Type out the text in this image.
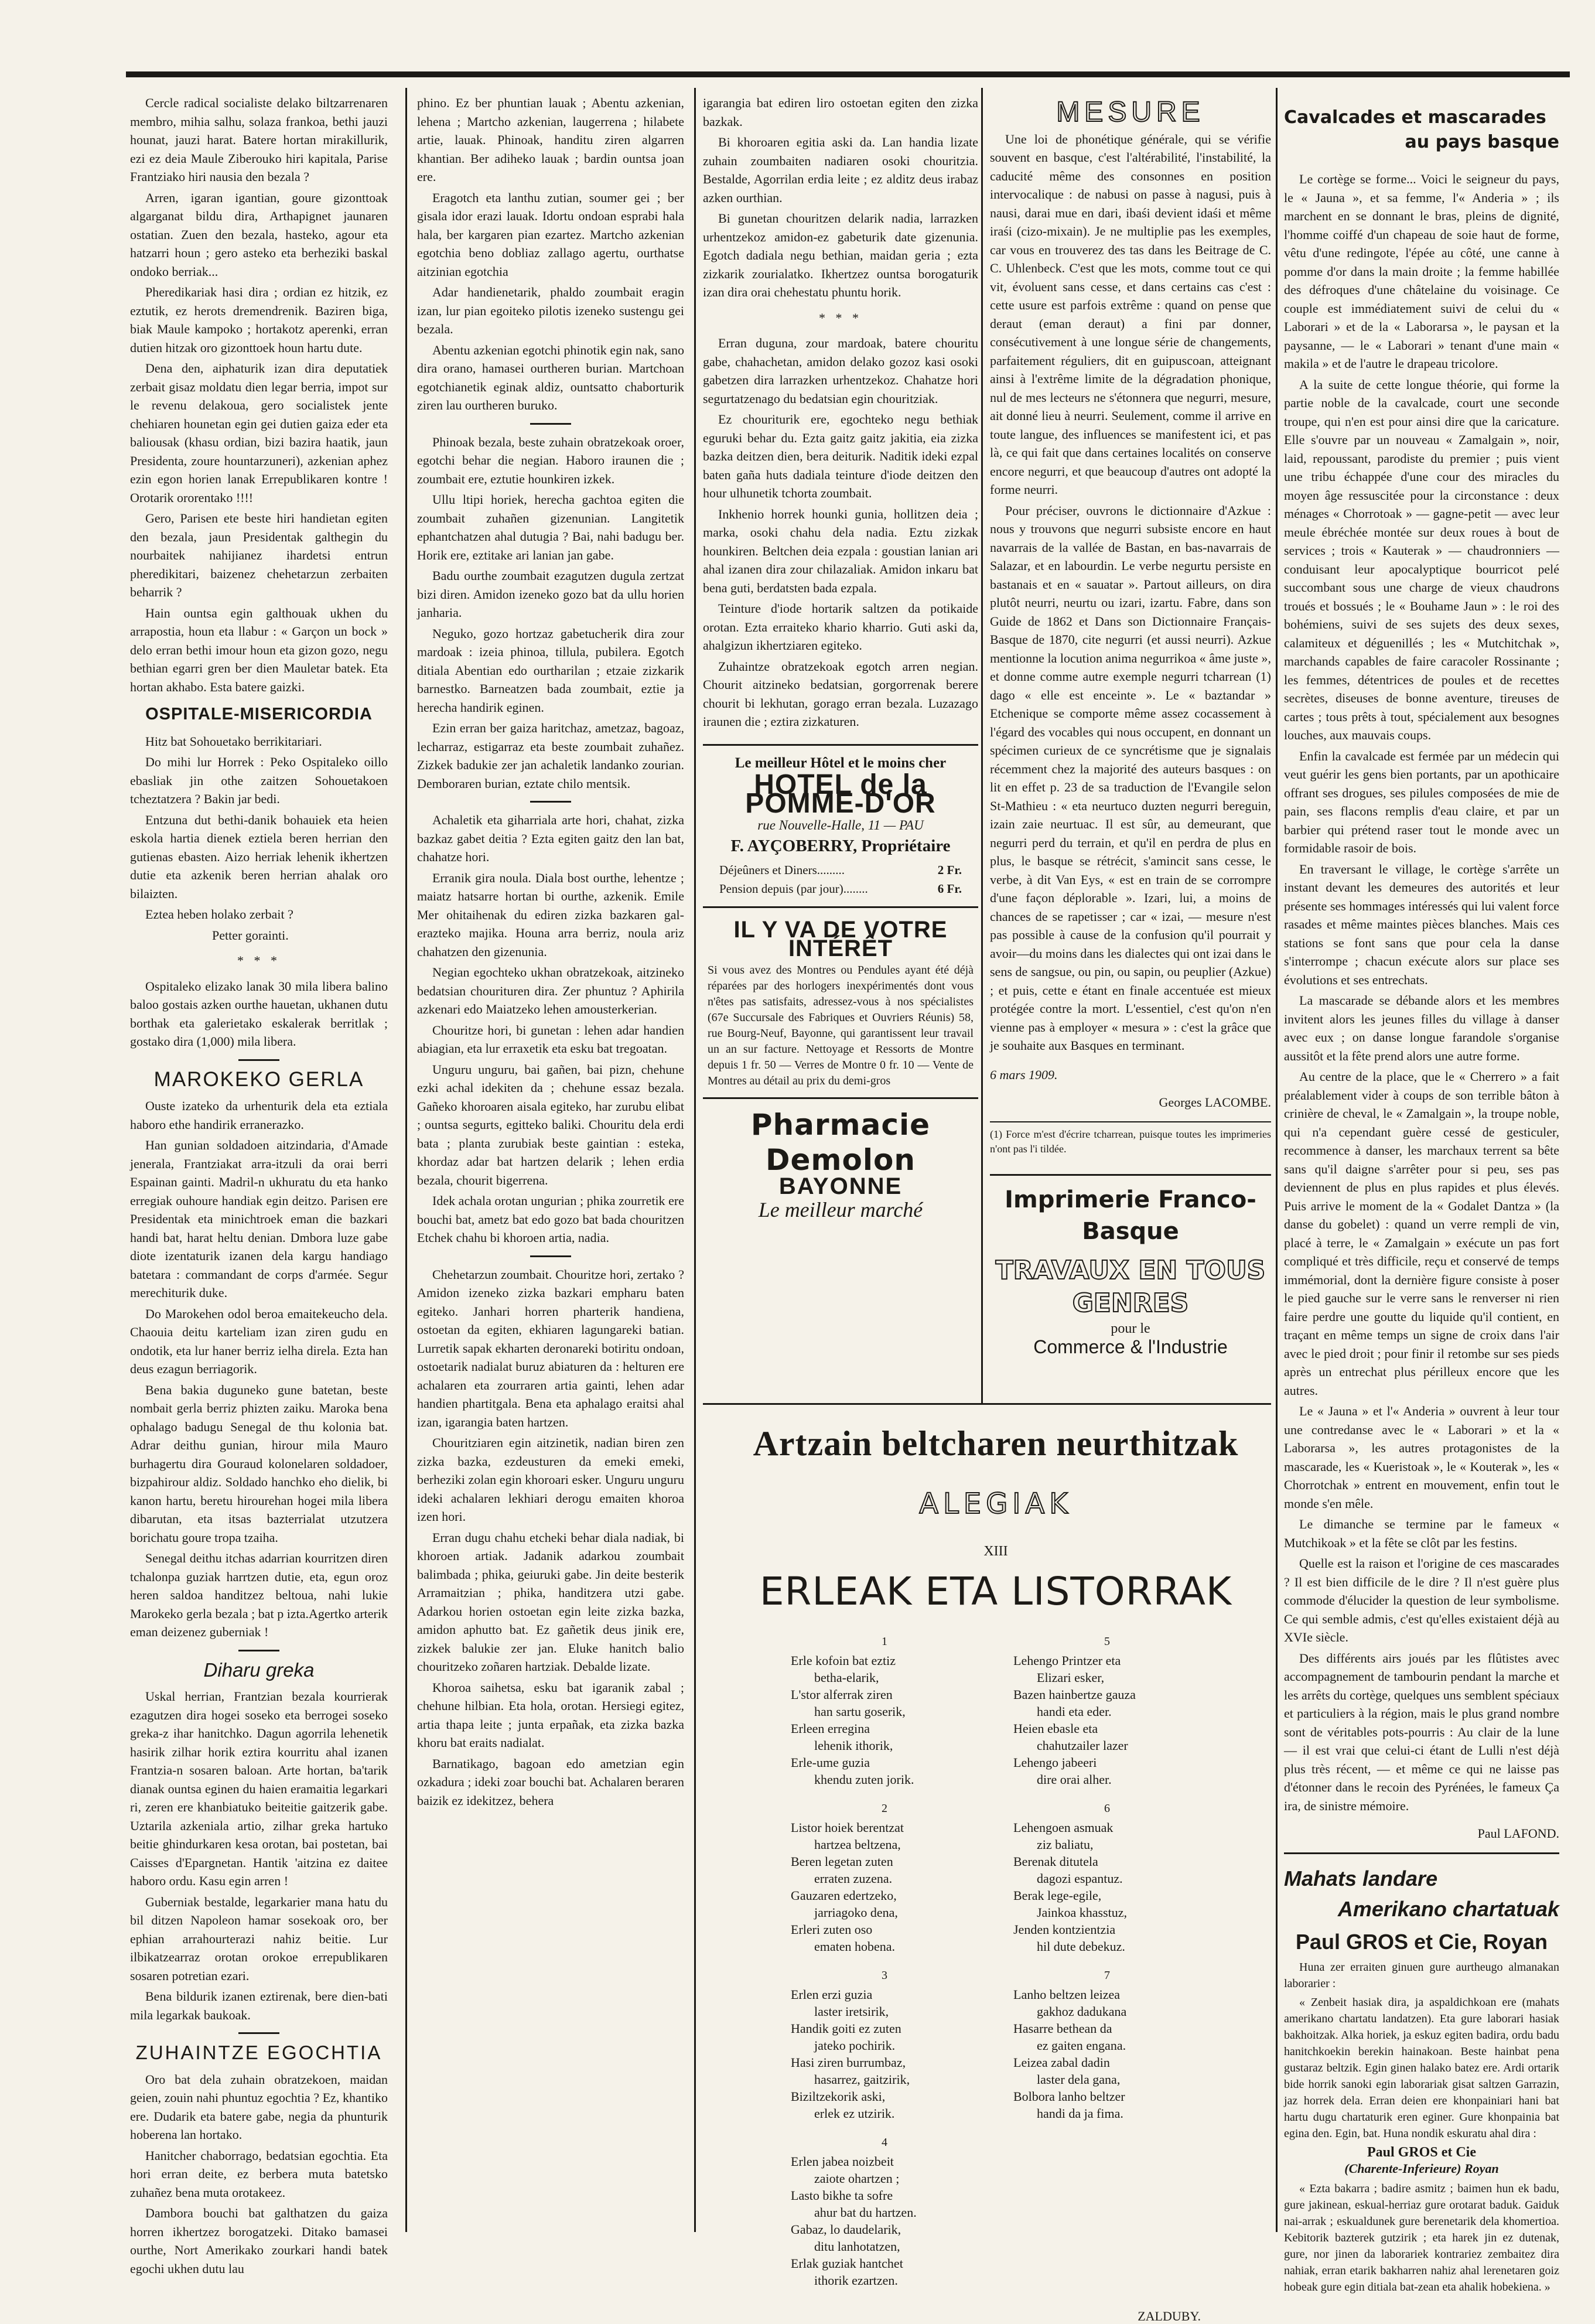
Cercle radical socialiste delako biltzarrenaren membro, mihia salhu, solaza frankoa, bethi jauzi hounat, jauzi harat. Batere hortan mirakillurik, ezi ez deia Maule Ziberouko hiri kapitala, Parise Frantziako hiri nausia den bezala ?

Arren, igaran igantian, goure gizonttoak algarganat bildu dira, Arthapignet jaunaren ostatian. Zuen den bezala, hasteko, agour eta hatzarri houn ; gero asteko eta berheziki baskal ondoko berriak...

Pheredikariak hasi dira ; ordian ez hitzik, ez eztutik, ez herots dremendrenik. Baziren biga, biak Maule kampoko ; hortakotz aperenki, erran dutien hitzak oro gizonttoek houn hartu dute.

Dena den, aiphaturik izan dira deputatiek zerbait gisaz moldatu dien legar berria, impot sur le revenu delakoua, gero socialistek jente chehiaren hounetan egin gei dutien gaiza eder eta baliousak (khasu ordian, bizi bazira haatik, jaun Presidenta, zoure hountarzuneri), azkenian aphez ezin egon horien lanak Errepublikaren kontre ! Orotarik ororentako !!!!

Gero, Parisen ete beste hiri handietan egiten den bezala, jaun Presidentak galthegin du nourbaitek nahijianez ihardetsi entrun pheredikitari, baizenez chehetarzun zerbaiten beharrik ?

Hain ountsa egin galthouak ukhen du arrapostia, houn eta llabur : « Garçon un bock » delo erran bethi imour houn eta gizon gozo, negu bethian egarri gren ber dien Mauletar batek. Eta hortan akhabo. Esta batere gaizki.

OSPITALE-MISERICORDIA

Hitz bat Sohouetako berrikitariari.

Do mihi lur Horrek : Peko Ospitaleko oillo ebasliak jin othe zaitzen Sohouetakoen tcheztatzera ? Bakin jar bedi.

Entzuna dut bethi-danik bohauiek eta heien eskola hartia dienek eztiela beren herrian den gutienas ebasten. Aizo herriak lehenik ikhertzen dutie eta azkenik beren herrian ahalak oro bilaizten.

Eztea heben holako zerbait ?

Petter gorainti.

* * *

Ospitaleko elizako lanak 30 mila libera balino baloo gostais azken ourthe hauetan, ukhanen dutu borthak eta galerietako eskalerak berritlak ; gostako dira (1,000) mila libera.

MAROKEKO GERLA

Ouste izateko da urhenturik dela eta eztiala haboro ethe handirik erranerazko.

Han gunian soldadoen aitzindaria, d'Amade jenerala, Frantziakat arra-itzuli da orai berri Espainan gainti. Madril-n ukhuratu du eta hanko erregiak ouhoure handiak egin deitzo. Parisen ere Presidentak eta minichtroek eman die bazkari handi bat, harat heltu denian. Dmbora luze gabe diote izentaturik izanen dela kargu handiago batetara : commandant de corps d'armée. Segur merechiturik duke.

Do Marokehen odol beroa emaitekeucho dela. Chaouia deitu karteliam izan ziren gudu en ondotik, eta lur haner berriz ielha direla. Ezta han deus ezagun berriagorik.

Bena bakia duguneko gune batetan, beste nombait gerla berriz phizten zaiku. Maroka bena ophalago badugu Senegal de thu kolonia bat. Adrar deithu gunian, hirour mila Mauro burhagertu dira Gouraud kolonelaren soldadoer, bizpahirour aldiz. Soldado hanchko eho dielik, bi kanon hartu, beretu hirourehan hogei mila libera dibarutan, eta itsas bazterrialat utzutzera borichatu goure tropa tzaiha.

Senegal deithu itchas adarrian kourritzen diren tchalonpa guziak harrtzen dutie, eta, egun oroz heren saldoa handitzez beltoua, nahi lukie Marokeko gerla bezala ; bat p izta.Agertko arterik eman deizenez guberniak !

Diharu greka

Uskal herrian, Frantzian bezala kourrierak ezagutzen dira hogei soseko eta berrogei soseko greka-z ihar hanitchko. Dagun agorrila lehenetik hasirik zilhar horik eztira kourritu ahal izanen Frantzia-n sosaren baloan. Arte hortan, ba'tarik dianak ountsa eginen du haien eramaitia legarkari ri, zeren ere khanbiatuko beiteitie gaitzerik gabe. Uztarila azkeniala artio, zilhar greka hartuko beitie ghindurkaren kesa orotan, bai postetan, bai Caisses d'Epargnetan. Hantik 'aitzina ez daitee haboro ordu. Kasu egin arren !

Guberniak bestalde, legarkarier mana hatu du bil ditzen Napoleon hamar sosekoak oro, ber ephian arrahourterazi nahiz beitie. Lur ilbikatzearraz orotan orokoe errepublikaren sosaren potretian ezari.

Bena bildurik izanen eztirenak, bere dien-bati mila legarkak baukoak.

ZUHAINTZE EGOCHTIA

Oro bat dela zuhain obratzekoen, maidan geien, zouin nahi phuntuz egochtia ? Ez, khantiko ere. Dudarik eta batere gabe, negia da phunturik hoberena lan hortako.

Hanitcher chaborrago, bedatsian egochtia. Eta hori erran deite, ez berbera muta batetsko zuhañez bena muta orotakeez.

Dambora bouchi bat galthatzen du gaiza horren ikhertzez borogatzeki. Ditako bamasei ourthe, Nort Amerikako zourkari handi batek egochi ukhen dutu lau

phino. Ez ber phuntian lauak ; Abentu azkenian, lehena ; Martcho azkenian, laugerrena ; hilabete artie, lauak. Phinoak, handitu ziren algarren khantian. Ber adiheko lauak ; bardin ountsa joan ere.

Eragotch eta lanthu zutian, soumer gei ; ber gisala idor erazi lauak. Idortu ondoan esprabi hala hala, ber kargaren pian ezartez. Martcho azkenian egotchia beno dobliaz zallago agertu, ourthatse aitzinian egotchia

Adar handienetarik, phaldo zoumbait eragin izan, lur pian egoiteko pilotis izeneko sustengu gei bezala.

Abentu azkenian egotchi phinotik egin nak, sano dira orano, hamasei ourtheren burian. Martchoan egotchianetik eginak aldiz, ountsatto chaborturik ziren lau ourtheren buruko.

Phinoak bezala, beste zuhain obratzekoak oroer, egotchi behar die negian. Haboro iraunen die ; zoumbait ere, eztutie hounkiren izkek.

Ullu ltipi horiek, herecha gachtoa egiten die zoumbait zuhañen gizenunian. Langitetik ephantchatzen ahal dutugia ? Bai, nahi badugu ber. Horik ere, eztitake ari lanian jan gabe.

Badu ourthe zoumbait ezagutzen dugula zertzat bizi diren. Amidon izeneko gozo bat da ullu horien janharia.

Neguko, gozo hortzaz gabetucherik dira zour mardoak : izeia phinoa, tillula, pubilera. Egotch ditiala Abentian edo ourtharilan ; etzaie zizkarik barnestko. Barneatzen bada zoumbait, eztie ja herecha handirik eginen.

Ezin erran ber gaiza haritchaz, ametzaz, bagoaz, lecharraz, estigarraz eta beste zoumbait zuhañez. Zizkek badukie zer jan achaletik landanko zourian. Demboraren burian, eztate chilo mentsik.

Achaletik eta giharriala arte hori, chahat, zizka bazkaz gabet deitia ? Ezta egiten gaitz den lan bat, chahatze hori.

Erranik gira noula. Diala bost ourthe, lehentze ; maiatz hatsarre hortan bi ourthe, azkenik. Emile Mer ohitaihenak du ediren zizka bazkaren gal-erazteko majika. Houna arra berriz, noula ariz chahatzen den gizenunia.

Negian egochteko ukhan obratzekoak, aitzineko bedatsian chourituren dira. Zer phuntuz ? Aphirila azkenari edo Maiatzeko lehen amousterkerian.

Chouritze hori, bi gunetan : lehen adar handien abiagian, eta lur erraxetik eta esku bat tregoatan.

Unguru unguru, bai gañen, bai pizn, chehune ezki achal idekiten da ; chehune essaz bezala. Gañeko khoroaren aisala egiteko, har zurubu elibat ; ountsa segurts, egitteko baliki. Chouritu dela erdi bata ; planta zurubiak beste gaintian : esteka, khordaz adar bat hartzen delarik ; lehen erdia bezala, chourit bigerrena.

Idek achala orotan ungurian ; phika zourretik ere bouchi bat, ametz bat edo gozo bat bada chouritzen Etchek chahu bi khoroen artia, nadia.

Chehetarzun zoumbait. Chouritze hori, zertako ? Amidon izeneko zizka bazkari empharu baten egiteko. Janhari horren pharterik handiena, ostoetan da egiten, ekhiaren lagungareki batian. Lurretik sapak ekharten deronareki botiritu ondoan, ostoetarik nadialat buruz abiaturen da : helturen ere achalaren eta zourraren artia gainti, lehen adar handien phartitgala. Bena eta aphalago eraitsi ahal izan, igarangia baten hartzen.

Chouritziaren egin aitzinetik, nadian biren zen zizka bazka, ezdeusturen da emeki emeki, berheziki zolan egin khoroari esker. Unguru unguru ideki achalaren lekhiari derogu emaiten khoroa izen hori.

Erran dugu chahu etcheki behar diala nadiak, bi khoroen artiak. Jadanik adarkou zoumbait balimbada ; phika, geiuruki gabe. Jin deite besterik Arramaitzian ; phika, handitzera utzi gabe. Adarkou horien ostoetan egin leite zizka bazka, amidon aphutto bat. Ez gañetik deus jinik ere, zizkek balukie zer jan. Eluke hanitch balio chouritzeko zoñaren hartziak. Debalde lizate.

Khoroa saihetsa, esku bat igaranik zabal ; chehune hilbian. Eta hola, orotan. Hersiegi egitez, artia thapa leite ; junta erpañak, eta zizka bazka khoru bat eraits nadialat.

Barnatikago, bagoan edo ametzian egin ozkadura ; ideki zoar bouchi bat. Achalaren beraren baizik ez idekitzez, behera

igarangia bat ediren liro ostoetan egiten den zizka bazkak.

Bi khoroaren egitia aski da. Lan handia lizate zuhain zoumbaiten nadiaren osoki chouritzia. Bestalde, Agorrilan erdia leite ; ez alditz deus irabaz azken ourthian.

Bi gunetan chouritzen delarik nadia, larrazken urhentzekoz amidon-ez gabeturik date gizenunia. Egotch dadiala negu bethian, maidan geria ; ezta zizkarik zourialatko. Ikhertzez ountsa borogaturik izan dira orai chehestatu phuntu horik.

* * *

Erran duguna, zour mardoak, batere chouritu gabe, chahachetan, amidon delako gozoz kasi osoki gabetzen dira larrazken urhentzekoz. Chahatze hori segurtatzenago du bedatsian egin chouritziak.

Ez chouriturik ere, egochteko negu bethiak eguruki behar du. Ezta gaitz gaitz jakitia, eia zizka bazka deitzen dien, bera deiturik. Naditik ideki ezpal baten gaña huts dadiala teinture d'iode deitzen den hour ulhunetik tchorta zoumbait.

Inkhenio horrek hounki gunia, hollitzen deia ; marka, osoki chahu dela nadia. Eztu zizkak hounkiren. Beltchen deia ezpala : goustian lanian ari ahal izanen dira zour chilazaliak. Amidon inkaru bat bena guti, berdatsten bada ezpala.

Teinture d'iode hortarik saltzen da potikaide orotan. Ezta erraiteko khario kharrio. Guti aski da, ahalgizun ikhertziaren egiteko.

Zuhaintze obratzekoak egotch arren negian. Chourit aitzineko bedatsian, gorgorrenak berere chourit bi lekhutan, gorago erran bezala. Luzazago iraunen die ; eztira zizkaturen.

Le meilleur Hôtel et le moins cher
HOTEL de la POMME-D'OR
rue Nouvelle-Halle, 11 — PAU
F. AYÇOBERRY, Propriétaire
Déjeûners et Diners.........	2 Fr.
Pension depuis (par jour)........	6 Fr.
IL Y VA DE VOTRE INTÉRÊT
Si vous avez des Montres ou Pendules ayant été déjà réparées par des horlogers inexpérimentés dont vous n'êtes pas satisfaits, adressez-vous à nos spécialistes (67e Succursale des Fabriques et Ouvriers Réunis) 58, rue Bourg-Neuf, Bayonne, qui garantissent leur travail un an sur facture. Nettoyage et Ressorts de Montre depuis 1 fr. 50 — Verres de Montre 0 fr. 10 — Vente de Montres au détail au prix du demi-gros
Pharmacie Demolon
BAYONNE
Le meilleur marché
MESURE

Une loi de phonétique générale, qui se vérifie souvent en basque, c'est l'altérabilité, l'instabilité, la caducité même des consonnes en position intervocalique : de nabusi on passe à nagusi, puis à nausi, darai mue en dari, ibaśi devient idaśi et même iraśi (cizo-mixain). Je ne multiplie pas les exemples, car vous en trouverez des tas dans les Beitrage de C. C. Uhlenbeck. C'est que les mots, comme tout ce qui vit, évoluent sans cesse, et dans certains cas c'est : cette usure est parfois extrême : quand on pense que deraut (eman deraut) a fini par donner, consécutivement à une longue série de changements, parfaitement réguliers, dit en guipuscoan, atteignant ainsi à l'extrême limite de la dégradation phonique, nul de mes lecteurs ne s'étonnera que negurri, mesure, ait donné lieu à neurri. Seulement, comme il arrive en toute langue, des influences se manifestent ici, et pas là, ce qui fait que dans certaines localités on conserve encore negurri, et que beaucoup d'autres ont adopté la forme neurri.

Pour préciser, ouvrons le dictionnaire d'Azkue : nous y trouvons que negurri subsiste encore en haut navarrais de la vallée de Bastan, en bas-navarrais de Salazar, et en labourdin. Le verbe negurtu persiste en bastanais et en « sauatar ». Partout ailleurs, on dira plutôt neurri, neurtu ou izari, izartu. Fabre, dans son Guide de 1862 et Dans son Dictionnaire Français-Basque de 1870, cite negurri (et aussi neurri). Azkue mentionne la locution anima negurrikoa « âme juste », et donne comme autre exemple negurri tcharrean (1) dago « elle est enceinte ». Le « baztandar » Etchenique se comporte même assez cocassement à l'égard des vocables qui nous occupent, en donnant un spécimen curieux de ce syncrétisme que je signalais récemment chez la majorité des auteurs basques : on lit en effet p. 23 de sa traduction de l'Evangile selon St-Mathieu : « eta neurtuco duzten negurri bereguin, izain zaie neurtuac. Il est sûr, au demeurant, que negurri perd du terrain, et qu'il en perdra de plus en plus, le basque se rétrécit, s'amincit sans cesse, le verbe, à dit Van Eys, « est en train de se corrompre d'une façon déplorable ». Izari, lui, a moins de chances de se rapetisser ; car « izai, — mesure n'est pas possible à cause de la confusion qu'il pourrait y avoir—du moins dans les dialectes qui ont izai dans le sens de sangsue, ou pin, ou sapin, ou peuplier (Azkue) ; et puis, cette e étant en finale accentuée est mieux protégée contre la mort. L'essentiel, c'est qu'on n'en vienne pas à employer « mesura » : c'est la grâce que je souhaite aux Basques en terminant.

6 mars 1909.
Georges LACOMBE.
(1) Force m'est d'écrire tcharrean, puisque toutes les imprimeries n'ont pas l'i tildée.
Imprimerie Franco-Basque
TRAVAUX EN TOUS GENRES
pour le
Commerce & l'Industrie
Artzain beltcharen neurthitzak
ALEGIAK
XIII
ERLEAK ETA LISTORRAK
1
Erle kofoin bat eztiz
betha-elarik,
L'stor alferrak ziren
han sartu goserik,
Erleen erregina
lehenik ithorik,
Erle-ume guzia
khendu zuten jorik.
2
Listor hoiek berentzat
hartzea beltzena,
Beren legetan zuten
erraten zuzena.
Gauzaren edertzeko,
jarriagoko dena,
Erleri zuten oso
ematen hobena.
3
Erlen erzi guzia
laster iretsirik,
Handik goiti ez zuten
jateko pochirik.
Hasi ziren burrumbaz,
hasarrez, gaitzirik,
Biziltzekorik aski,
erlek ez utzirik.
4
Erlen jabea noizbeit
zaiote ohartzen ;
Lasto bikhe ta sofre
ahur bat du hartzen.
Gabaz, lo daudelarik,
ditu lanhotatzen,
Erlak guziak hantchet
ithorik ezartzen.
5
Lehengo Printzer eta
Elizari esker,
Bazen hainbertze gauza
handi eta eder.
Heien ebasle eta
chahutzailer lazer
Lehengo jabeeri
dire orai alher.
6
Lehengoen asmuak
ziz baliatu,
Berenak ditutela
dagozi espantuz.
Berak lege-egile,
Jainkoa khasstuz,
Jenden kontzientzia
hil dute debekuz.
7
Lanho beltzen leizea
gakhoz dadukana
Hasarre bethean da
ez gaiten engana.
Leizea zabal dadin
laster dela gana,
Bolbora lanho beltzer
handi da ja fima.
ZALDUBY.
Cavalcades et mascarades
au pays basque

Le cortège se forme... Voici le seigneur du pays, le « Jauna », et sa femme, l'« Anderia » ; ils marchent en se donnant le bras, pleins de dignité, l'homme coiffé d'un chapeau de soie haut de forme, vêtu d'une redingote, l'épée au côté, une canne à pomme d'or dans la main droite ; la femme habillée des défroques d'une châtelaine du voisinage. Ce couple est immédiatement suivi de celui du « Laborari » et de la « Laborarsa », le paysan et la paysanne, — le « Laborari » tenant d'une main « makila » et de l'autre le drapeau tricolore.

A la suite de cette longue théorie, qui forme la partie noble de la cavalcade, court une seconde troupe, qui n'en est pour ainsi dire que la caricature. Elle s'ouvre par un nouveau « Zamalgain », noir, laid, repoussant, parodiste du premier ; puis vient une tribu échappée d'une cour des miracles du moyen âge ressuscitée pour la circonstance : deux ménages « Chorrotoak » — gagne-petit — avec leur meule ébréchée montée sur deux roues à bout de services ; trois « Kauterak » — chaudronniers — conduisant leur apocalyptique bourricot pelé succombant sous une charge de vieux chaudrons troués et bossués ; le « Bouhame Jaun » : le roi des bohémiens, suivi de ses sujets des deux sexes, calamiteux et déguenillés ; les « Mutchitchak », marchands capables de faire caracoler Rossinante ; les femmes, détentrices de poules et de recettes secrètes, diseuses de bonne aventure, tireuses de cartes ; tous prêts à tout, spécialement aux besognes louches, aux mauvais coups.

Enfin la cavalcade est fermée par un médecin qui veut guérir les gens bien portants, par un apothicaire offrant ses drogues, ses pilules composées de mie de pain, ses flacons remplis d'eau claire, et par un barbier qui prétend raser tout le monde avec un formidable rasoir de bois.

En traversant le village, le cortège s'arrête un instant devant les demeures des autorités et leur présente ses hommages intéressés qui lui valent force rasades et même maintes pièces blanches. Mais ces stations se font sans que pour cela la danse s'interrompe ; chacun exécute alors sur place ses évolutions et ses entrechats.

La mascarade se débande alors et les membres invitent alors les jeunes filles du village à danser avec eux ; on danse longue farandole s'organise aussitôt et la fête prend alors une autre forme.

Au centre de la place, que le « Cherrero » a fait préalablement vider à coups de son terrible bâton à crinière de cheval, le « Zamalgain », la troupe noble, qui n'a cependant guère cessé de gesticuler, recommence à danser, les marchaux terrent sa bête sans qu'il daigne s'arrêter pour si peu, ses pas deviennent de plus en plus rapides et plus élevés. Puis arrive le moment de la « Godalet Dantza » (la danse du gobelet) : quand un verre rempli de vin, placé à terre, le « Zamalgain » exécute un pas fort compliqué et très difficile, reçu et conservé de temps immémorial, dont la dernière figure consiste à poser le pied gauche sur le verre sans le renverser ni rien faire perdre une goutte du liquide qu'il contient, en traçant en même temps un signe de croix dans l'air avec le pied droit ; pour finir il retombe sur ses pieds après un entrechat plus périlleux encore que les autres.

Le « Jauna » et l'« Anderia » ouvrent à leur tour une contredanse avec le « Laborari » et la « Laborarsa », les autres protagonistes de la mascarade, les « Kueristoak », le « Kouterak », les « Chorrotchak » entrent en mouvement, enfin tout le monde s'en mêle.

Le dimanche se termine par le fameux « Mutchikoak » et la fête se clôt par les festins.

Quelle est la raison et l'origine de ces mascarades ? Il est bien difficile de le dire ? Il n'est guère plus commode d'élucider la question de leur symbolisme. Ce qui semble admis, c'est qu'elles existaient déjà au XVIe siècle.

Des différents airs joués par les flûtistes avec accompagnement de tambourin pendant la marche et les arrêts du cortège, quelques uns semblent spéciaux et particuliers à la région, mais le plus grand nombre sont de véritables pots-pourris : Au clair de la lune — il est vrai que celui-ci étant de Lulli n'est déjà plus très récent, — et même ce qui ne laisse pas d'étonner dans le recoin des Pyrénées, le fameux Ça ira, de sinistre mémoire.

Paul LAFOND.
Mahats landare
Amerikano chartatuak
Paul GROS et Cie, Royan

Huna zer erraiten ginuen gure aurtheugo almanakan laborarier :

« Zenbeit hasiak dira, ja aspaldichkoan ere (mahats amerikano chartatu landatzen). Eta gure laborari hasiak bakhoitzak. Alka horiek, ja eskuz egiten badira, ordu badu hanitchkoekin berekin hainakoan. Beste hainbat pena gustaraz beltzik. Egin ginen halako batez ere. Ardi ortarik bide horrik sanoki egin laborariak gisat saltzen Garrazin, jaz horrek dela. Erran deien ere khonpainiari hani bat hartu dugu chartaturik eren eginer. Gure khonpainia bat egina den. Egin, bat. Huna nondik eskuratu ahal dira :

Paul GROS et Cie
(Charente-Inferieure) Royan

« Ezta bakarra ; badire asmitz ; baimen hun ek badu, gure jakinean, eskual-herriaz gure orotarat baduk. Gaiduk nai-arrak ; eskualdunek gure berenetarik dela khomertioa. Kebitorik bazterek gutzirik ; eta harek jin ez dutenak, gure, nor jinen da laborariek kontrariez zembaitez dira nahiak, erran etarik bakharren nahiz ahal lerenetaren goiz hobeak gure egin ditiala bat-zean eta ahalik hobekiena. »
